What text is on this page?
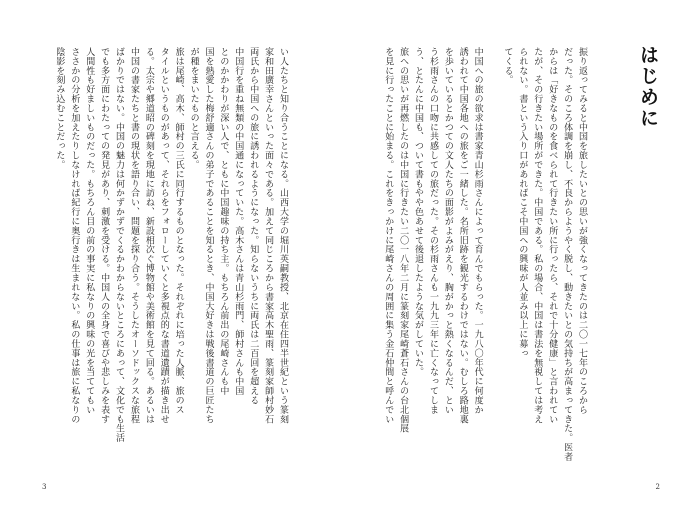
い人たちと知り合うことになる。山西大学の堀川英嗣教授、北京在住四半世紀という篆刻
家和田廣幸さんといった面々である。加えて同じころから書家高木聖雨、篆刻家師村妙石
両氏から中国への旅に誘われるようになった。知らないうちに両氏は二百回を超える
中国行を重ね無類の中国通になっていた。高木さんは青山杉雨門、師村さんも中国
とのかかわりが深い人で、ともに中国趣味の持ち主。もちろん前出の尾崎さんも中
国を熱愛した梅舒適さんの弟子であることを知るとき、中国大好きは戦後書道の巨匠たち
が種をまいたものと言える。
旅は尾崎、高木、師村の三氏に同行するものとなった。それぞれに培った人脈、旅のス
タイルというものがあって、それらをフォローしていくと多視点的な書道遺蹟が描き出せ
る。太宗や郷道昭の碑刻を現地に訪ね、新設相次ぐ博物館や美術館を見て回る。あるいは
中国の書家たちと書の現状を語り合い、問題を探り合う。そうしたオーソドックスな旅程
ばかりではない。中国の魅力は何かずかずでくるかわからないところにあって、文化でも生活
でも多方面にわたっての発見があり、刺激を受ける。中国人の全身で喜びや悲しみを表す
人間性も好ましいものだった。もちろん目の前の事実に私なりの興味の光を当ててもい
ささかの分析を加えたりしなければ紀行に奥行きは生まれない。私の仕事は旅に私なりの
陰影を刻み込むことだった。

3
はじめに
振り返ってみると中国を旅したいとの思いが強くなってきたのは二〇一七年のころから
だった。そのころ体調を崩し、不良からようやく脱し、動きたいとの気持ちが高まってきた。医者
からは「好きなものを食べられて行きたい所に行ったら、それで十分健康」と言われてい
たが、その行きたい場所ができた。中国である。私の場合、中国は書法を無視しては考え
られない。書という入り口があればこそ中国への興味が人並み以上に募っ
てくる。

中国への旅の欲求は書家青山杉雨さんによって育んでもらった。一九八〇年代に何度か
誘われて中国各地への旅をご一緒した。名所旧跡を観光するわけではない。むしろ路地裏
を歩いているとかつての文人たちの面影がよみがえり、胸がかっと熱くなるんだ、とい
う杉雨さんの口吻に共感しての旅だった。その杉雨さんも一九九三年に亡くなってしま
う、とたんに中国も、ついて書もやや色あせて後退したような気がしていた。
旅への思いが再燃したのは中国に行きたい二〇一八年二月に篆刻家尾崎蒼石さんの台北個展
を見に行ったことに始まる。これをきっかけに尾崎さんの周囲に集う金石仲間と呼んでい

2
